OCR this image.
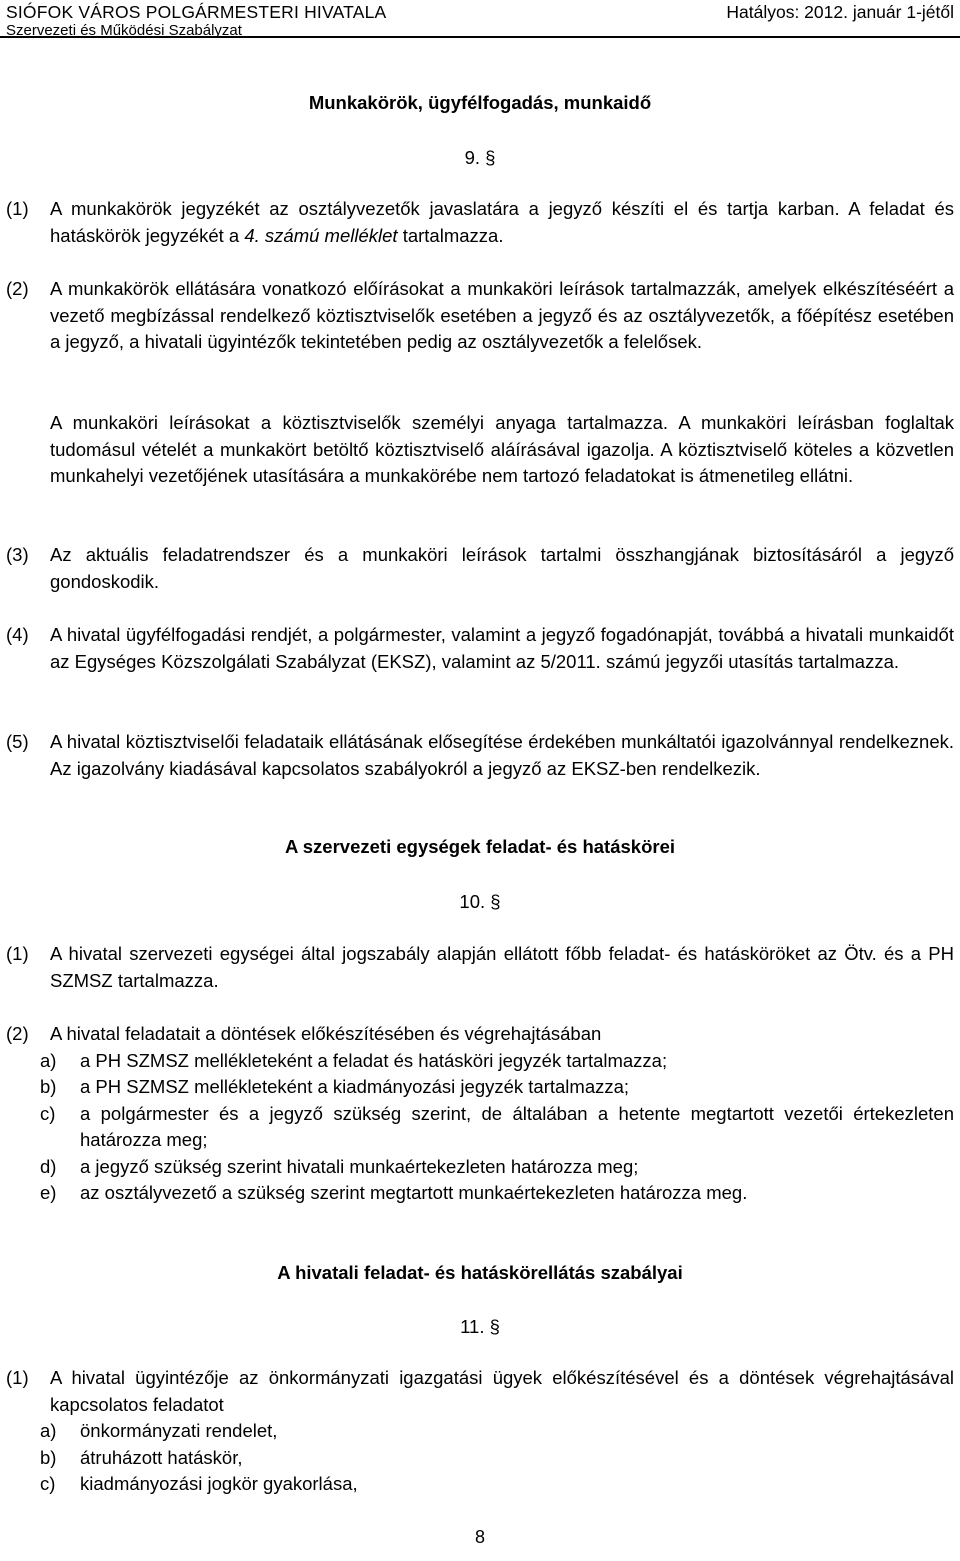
SIÓFOK VÁROS POLGÁRMESTERI HIVATALA
Szervezeti és Működési Szabályzat
Hatályos: 2012. január 1-jétől
Munkakörök, ügyfélfogadás, munkaidő
9. §
(1) A munkakörök jegyzékét az osztályvezetők javaslatára a jegyző készíti el és tartja karban. A feladat és hatáskörök jegyzékét a 4. számú melléklet tartalmazza.
(2) A munkakörök ellátására vonatkozó előírásokat a munkaköri leírások tartalmazzák, amelyek elkészítéséért a vezető megbízással rendelkező köztisztviselők esetében a jegyző és az osztályvezetők, a főépítész esetében a jegyző, a hivatali ügyintézők tekintetében pedig az osztályvezetők a felelősek.
A munkaköri leírásokat a köztisztviselők személyi anyaga tartalmazza. A munkaköri leírásban foglaltak tudomásul vételét a munkakört betöltő köztisztviselő aláírásával igazolja. A köztisztviselő köteles a közvetlen munkahelyi vezetőjének utasítására a munkakörébe nem tartozó feladatokat is átmenetileg ellátni.
(3) Az aktuális feladatrendszer és a munkaköri leírások tartalmi összhangjának biztosításáról a jegyző gondoskodik.
(4) A hivatal ügyfélfogadási rendjét, a polgármester, valamint a jegyző fogadónapját, továbbá a hivatali munkaidőt az Egységes Közszolgálati Szabályzat (EKSZ), valamint az 5/2011. számú jegyzői utasítás tartalmazza.
(5) A hivatal köztisztviselői feladataik ellátásának elősegítése érdekében munkáltatói igazolvánnyal rendelkeznek. Az igazolvány kiadásával kapcsolatos szabályokról a jegyző az EKSZ-ben rendelkezik.
A szervezeti egységek feladat- és hatáskörei
10. §
(1) A hivatal szervezeti egységei által jogszabály alapján ellátott főbb feladat- és hatásköröket az Ötv. és a PH SZMSZ tartalmazza.
(2) A hivatal feladatait a döntések előkészítésében és végrehajtásában
a) a PH SZMSZ mellékleteként a feladat és hatásköri jegyzék tartalmazza;
b) a PH SZMSZ mellékleteként a kiadmányozási jegyzék tartalmazza;
c) a polgármester és a jegyző szükség szerint, de általában a hetente megtartott vezetői értekezleten határozza meg;
d) a jegyző szükség szerint hivatali munkaértekezleten határozza meg;
e) az osztályvezető a szükség szerint megtartott munkaértekezleten határozza meg.
A hivatali feladat- és hatáskörellátás szabályai
11. §
(1) A hivatal ügyintézője az önkormányzati igazgatási ügyek előkészítésével és a döntések végrehajtásával kapcsolatos feladatot
a) önkormányzati rendelet,
b) átruházott hatáskör,
c) kiadmányozási jogkör gyakorlása,
8
